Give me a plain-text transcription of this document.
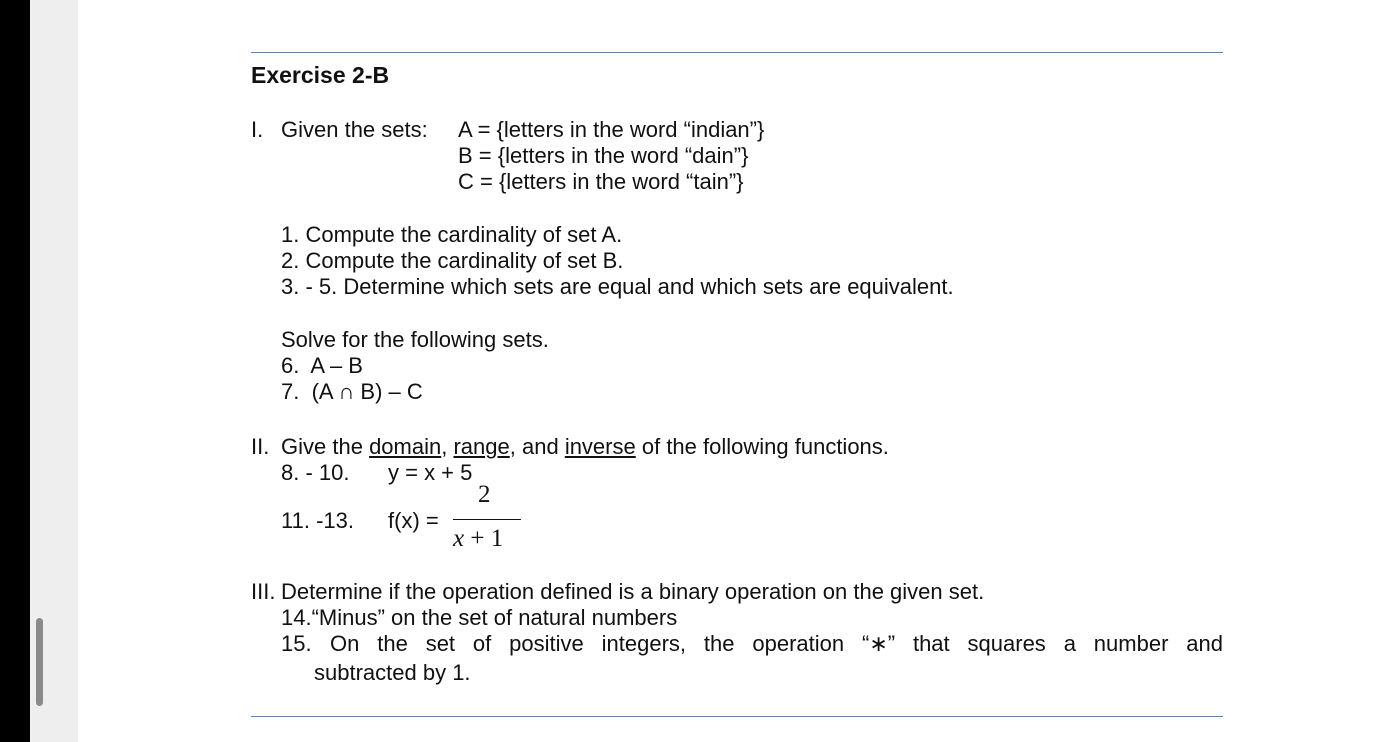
Exercise 2-B
I. Given the sets: A = {letters in the word “indian”}
B = {letters in the word “dain”}
C = {letters in the word “tain”}
1. Compute the cardinality of set A.
2. Compute the cardinality of set B.
3. - 5. Determine which sets are equal and which sets are equivalent.
Solve for the following sets.
6. A – B
7. (A ∩ B) – C
II. Give the domain, range, and inverse of the following functions.
8. - 10. y = x + 5
11. -13. f(x) =
2
x + 1
III. Determine if the operation defined is a binary operation on the given set.
14.“Minus” on the set of natural numbers
15. On the set of positive integers, the operation “∗” that squares a number and
subtracted by 1.
